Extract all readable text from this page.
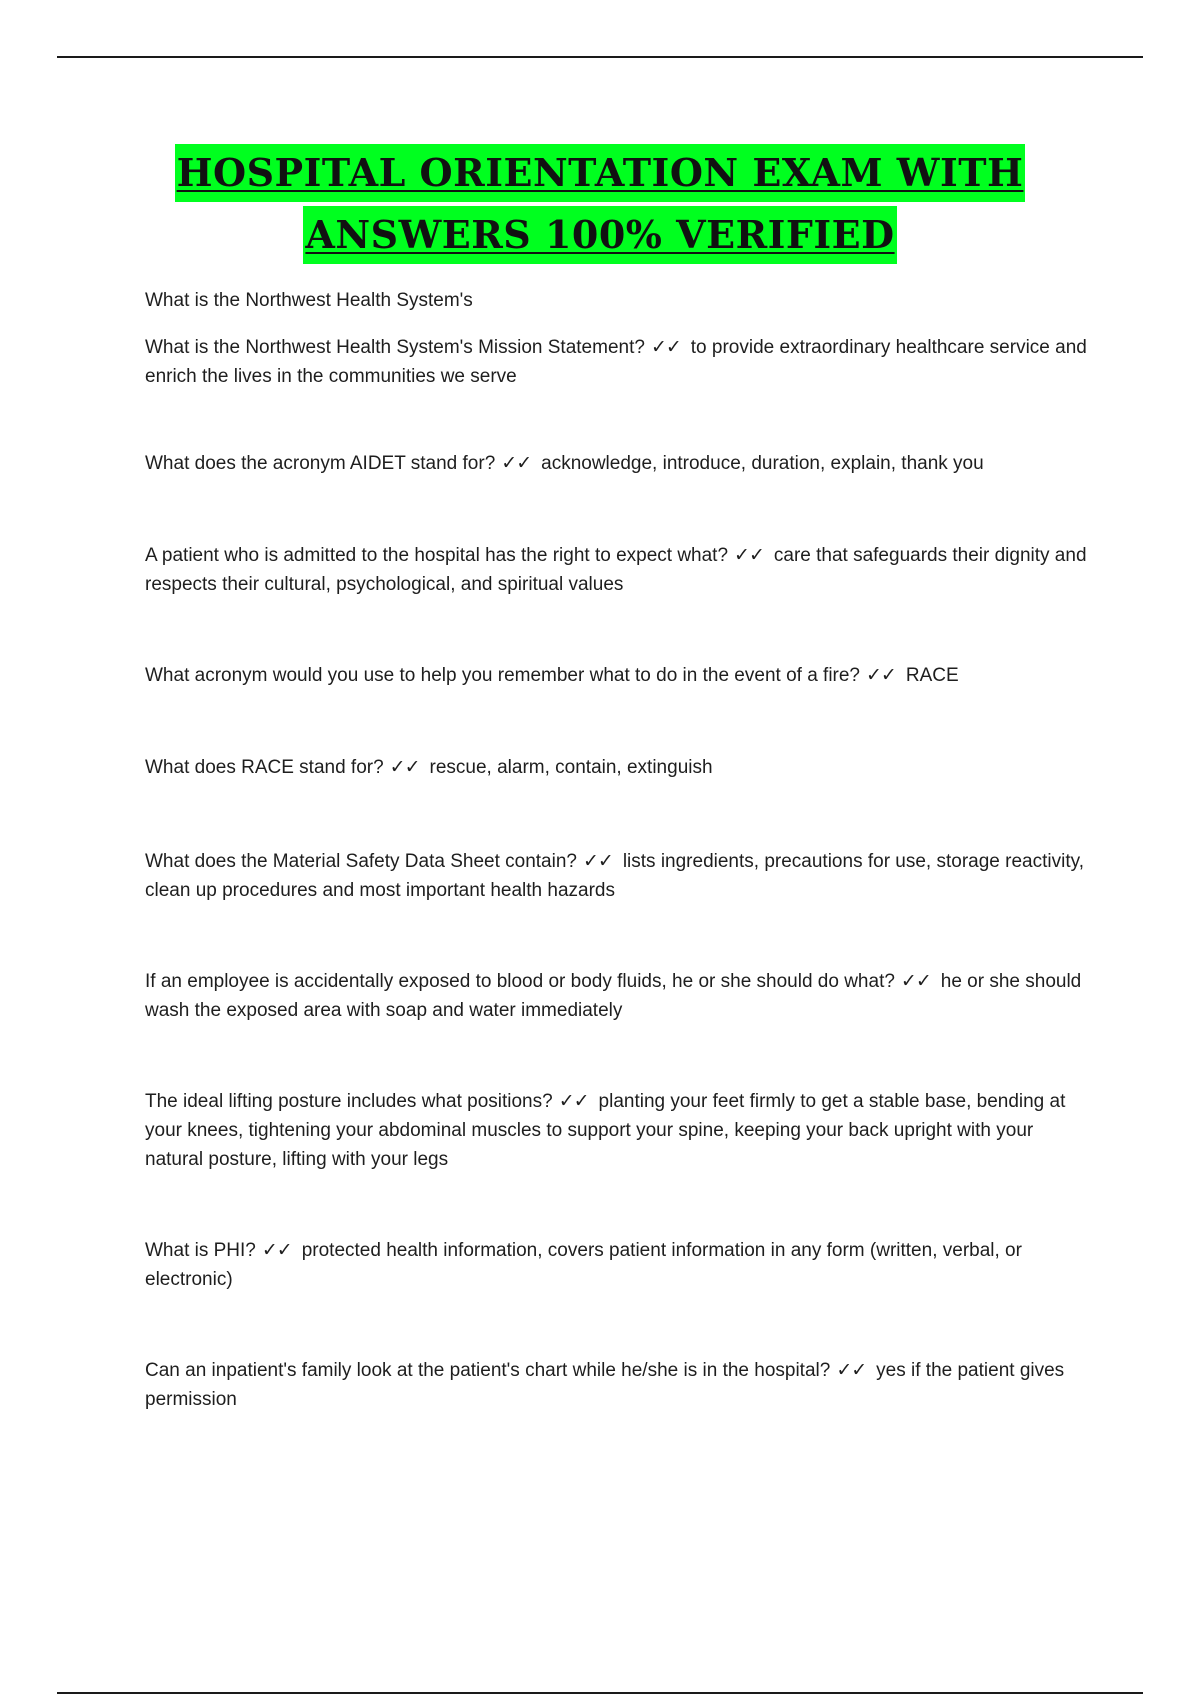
HOSPITAL ORIENTATION EXAM WITH
ANSWERS 100% VERIFIED

What is the Northwest Health System's

What is the Northwest Health System's Mission Statement? ✓✓ to provide extraordinary healthcare service and enrich the lives in the communities we serve

What does the acronym AIDET stand for? ✓✓ acknowledge, introduce, duration, explain, thank you

A patient who is admitted to the hospital has the right to expect what? ✓✓ care that safeguards their dignity and respects their cultural, psychological, and spiritual values

What acronym would you use to help you remember what to do in the event of a fire? ✓✓ RACE

What does RACE stand for? ✓✓ rescue, alarm, contain, extinguish

What does the Material Safety Data Sheet contain? ✓✓ lists ingredients, precautions for use, storage reactivity, clean up procedures and most important health hazards

If an employee is accidentally exposed to blood or body fluids, he or she should do what? ✓✓ he or she should wash the exposed area with soap and water immediately

The ideal lifting posture includes what positions? ✓✓ planting your feet firmly to get a stable base, bending at your knees, tightening your abdominal muscles to support your spine, keeping your back upright with your natural posture, lifting with your legs

What is PHI? ✓✓ protected health information, covers patient information in any form (written, verbal, or electronic)

Can an inpatient's family look at the patient's chart while he/she is in the hospital? ✓✓ yes if the patient gives permission
